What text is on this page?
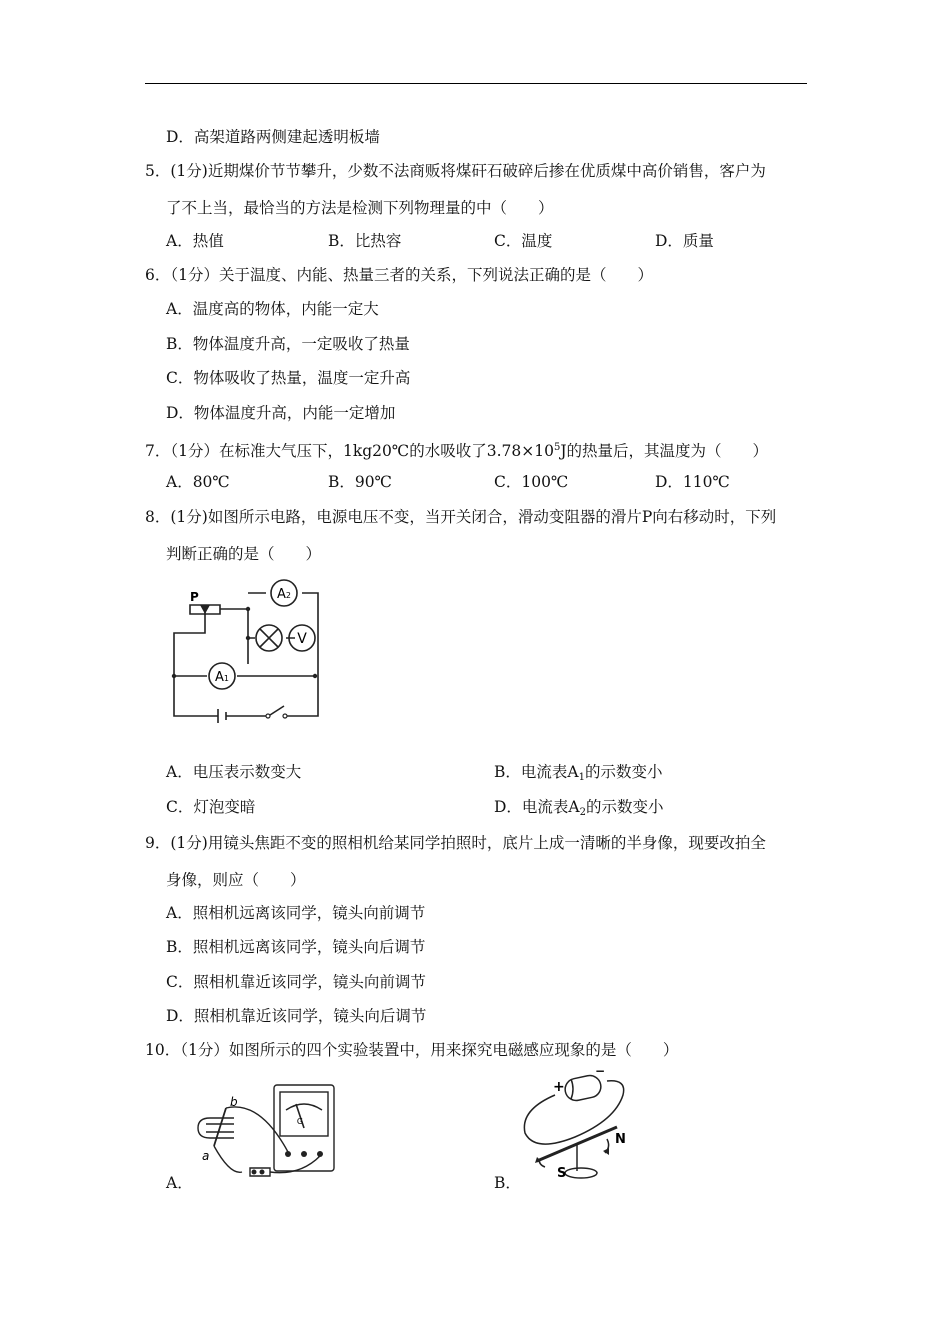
D．高架道路两侧建起透明板墙
5．(1分)近期煤价节节攀升，少数不法商贩将煤矸石破碎后掺在优质煤中高价销售，客户为
了不上当，最恰当的方法是检测下列物理量的中（　　）
A．热值	B．比热容	C．温度	D．质量
6．（1分）关于温度、内能、热量三者的关系，下列说法正确的是（　　）
A．温度高的物体，内能一定大
B．物体温度升高，一定吸收了热量
C．物体吸收了热量，温度一定升高
D．物体温度升高，内能一定增加
7．（1分）在标准大气压下，1kg20℃的水吸收了$3.78\times 10^5J$的热量后，其温度为（　　）
A．80℃	B．90℃	C．100℃	D．110℃
8．(1分)如图所示电路，电源电压不变，当开关闭合，滑动变阻器的滑片P向右移动时，下列
判断正确的是（　　）
P	A2
V
A1
A．电压表示数变大	B．电流表$A_1$的示数变小
C．灯泡变暗	D．电流表$A_2$的示数变小
9．(1分)用镜头焦距不变的照相机给某同学拍照时，底片上成一清晰的半身像，现要改拍全
身像，则应（　　）
A．照相机远离该同学，镜头向前调节
B．照相机远离该同学，镜头向后调节
C．照相机靠近该同学，镜头向前调节
D．照相机靠近该同学，镜头向后调节
10．（1分）如图所示的四个实验装置中，用来探究电磁感应现象的是（　　）
b
a
G
A．
+
−
N
S
B．
